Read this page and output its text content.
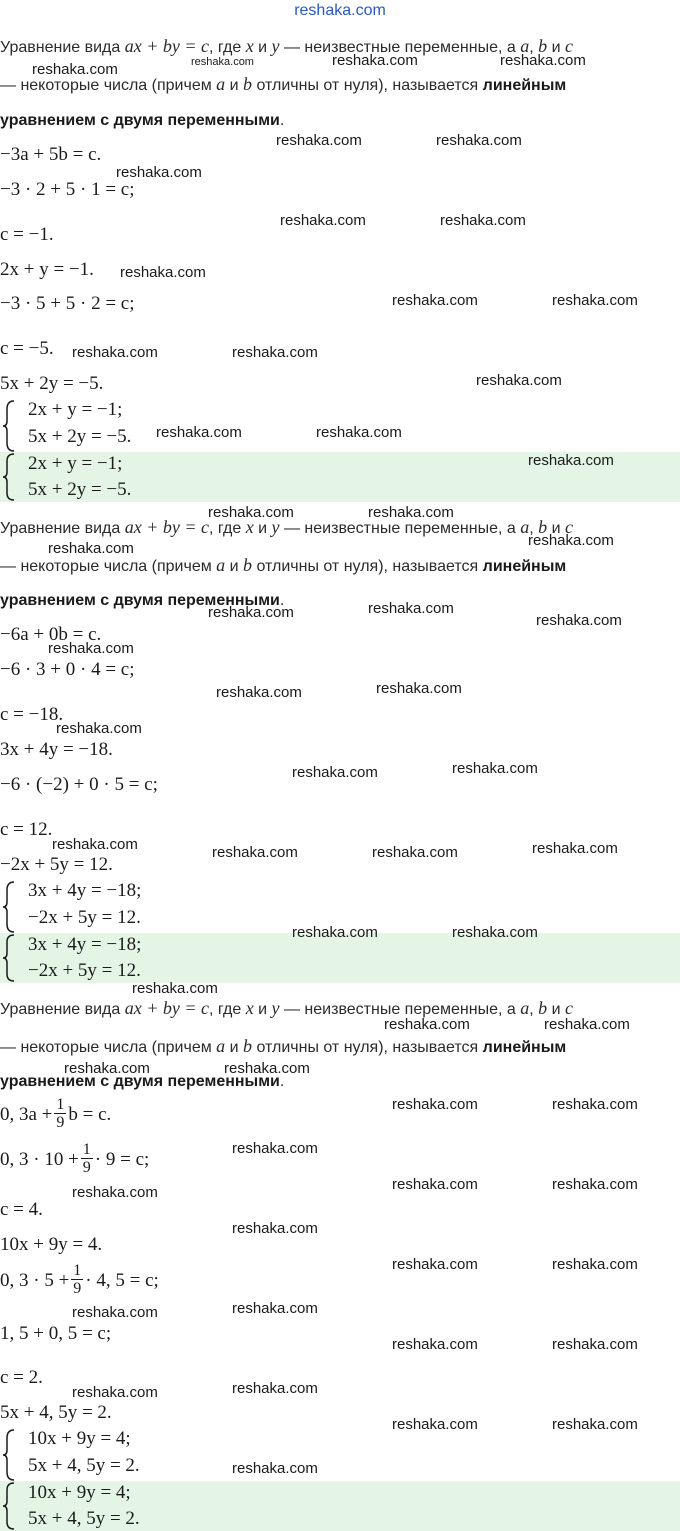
reshaka.com
Уравнение вида ax + by = c, где x и y — неизвестные переменные, а a, b и c
— некоторые числа (причем a и b отличны от нуля), называется линейным
уравнением с двумя переменными.
−3a + 5b = c.
−3 · 2 + 5 · 1 = c;
c = −1.
2x + y = −1.
−3 · 5 + 5 · 2 = c;
c = −5.
5x + 2y = −5.
2x + y = −1;
5x + 2y = −5.
2x + y = −1;
5x + 2y = −5.
Уравнение вида ax + by = c, где x и y — неизвестные переменные, а a, b и c
— некоторые числа (причем a и b отличны от нуля), называется линейным
уравнением с двумя переменными.
−6a + 0b = c.
−6 · 3 + 0 · 4 = c;
c = −18.
3x + 4y = −18.
−6 · (−2) + 0 · 5 = c;
c = 12.
−2x + 5y = 12.
3x + 4y = −18;
−2x + 5y = 12.
3x + 4y = −18;
−2x + 5y = 12.
Уравнение вида ax + by = c, где x и y — неизвестные переменные, а a, b и c
— некоторые числа (причем a и b отличны от нуля), называется линейным
уравнением с двумя переменными.
0, $3a + \frac{1}{9}$ b = c.
0, $3 \cdot 10 + \frac{1}{9} \cdot 9 = c$;
c = 4.
10x + 9y = 4.
0, $3 \cdot 5 + \frac{1}{9} \cdot 4$, 5 = c;
1, 5 + 0, 5 = c;
c = 2.
5x + 4, 5y = 2.
10x + 9y = 4;
5x + 4, 5y = 2.
10x + 9y = 4;
5x + 4, 5y = 2.
reshaka.com	reshaka.com	reshaka.com	reshaka.com
reshaka.com	reshaka.com
reshaka.com
reshaka.com	reshaka.com
reshaka.com
reshaka.com	reshaka.com
reshaka.com	reshaka.com
reshaka.com
reshaka.com	reshaka.com
reshaka.com
reshaka.com	reshaka.com
reshaka.com
reshaka.com
reshaka.com	reshaka.com
reshaka.com
reshaka.com
reshaka.com	reshaka.com
reshaka.com
reshaka.com	reshaka.com
reshaka.com	reshaka.com	reshaka.com	reshaka.com
reshaka.com	reshaka.com
reshaka.com
reshaka.com	reshaka.com
reshaka.com	reshaka.com
reshaka.com	reshaka.com
reshaka.com
reshaka.com	reshaka.com	reshaka.com
reshaka.com
reshaka.com	reshaka.com
reshaka.com
reshaka.com
reshaka.com	reshaka.com
reshaka.com	reshaka.com
reshaka.com	reshaka.com
reshaka.com
